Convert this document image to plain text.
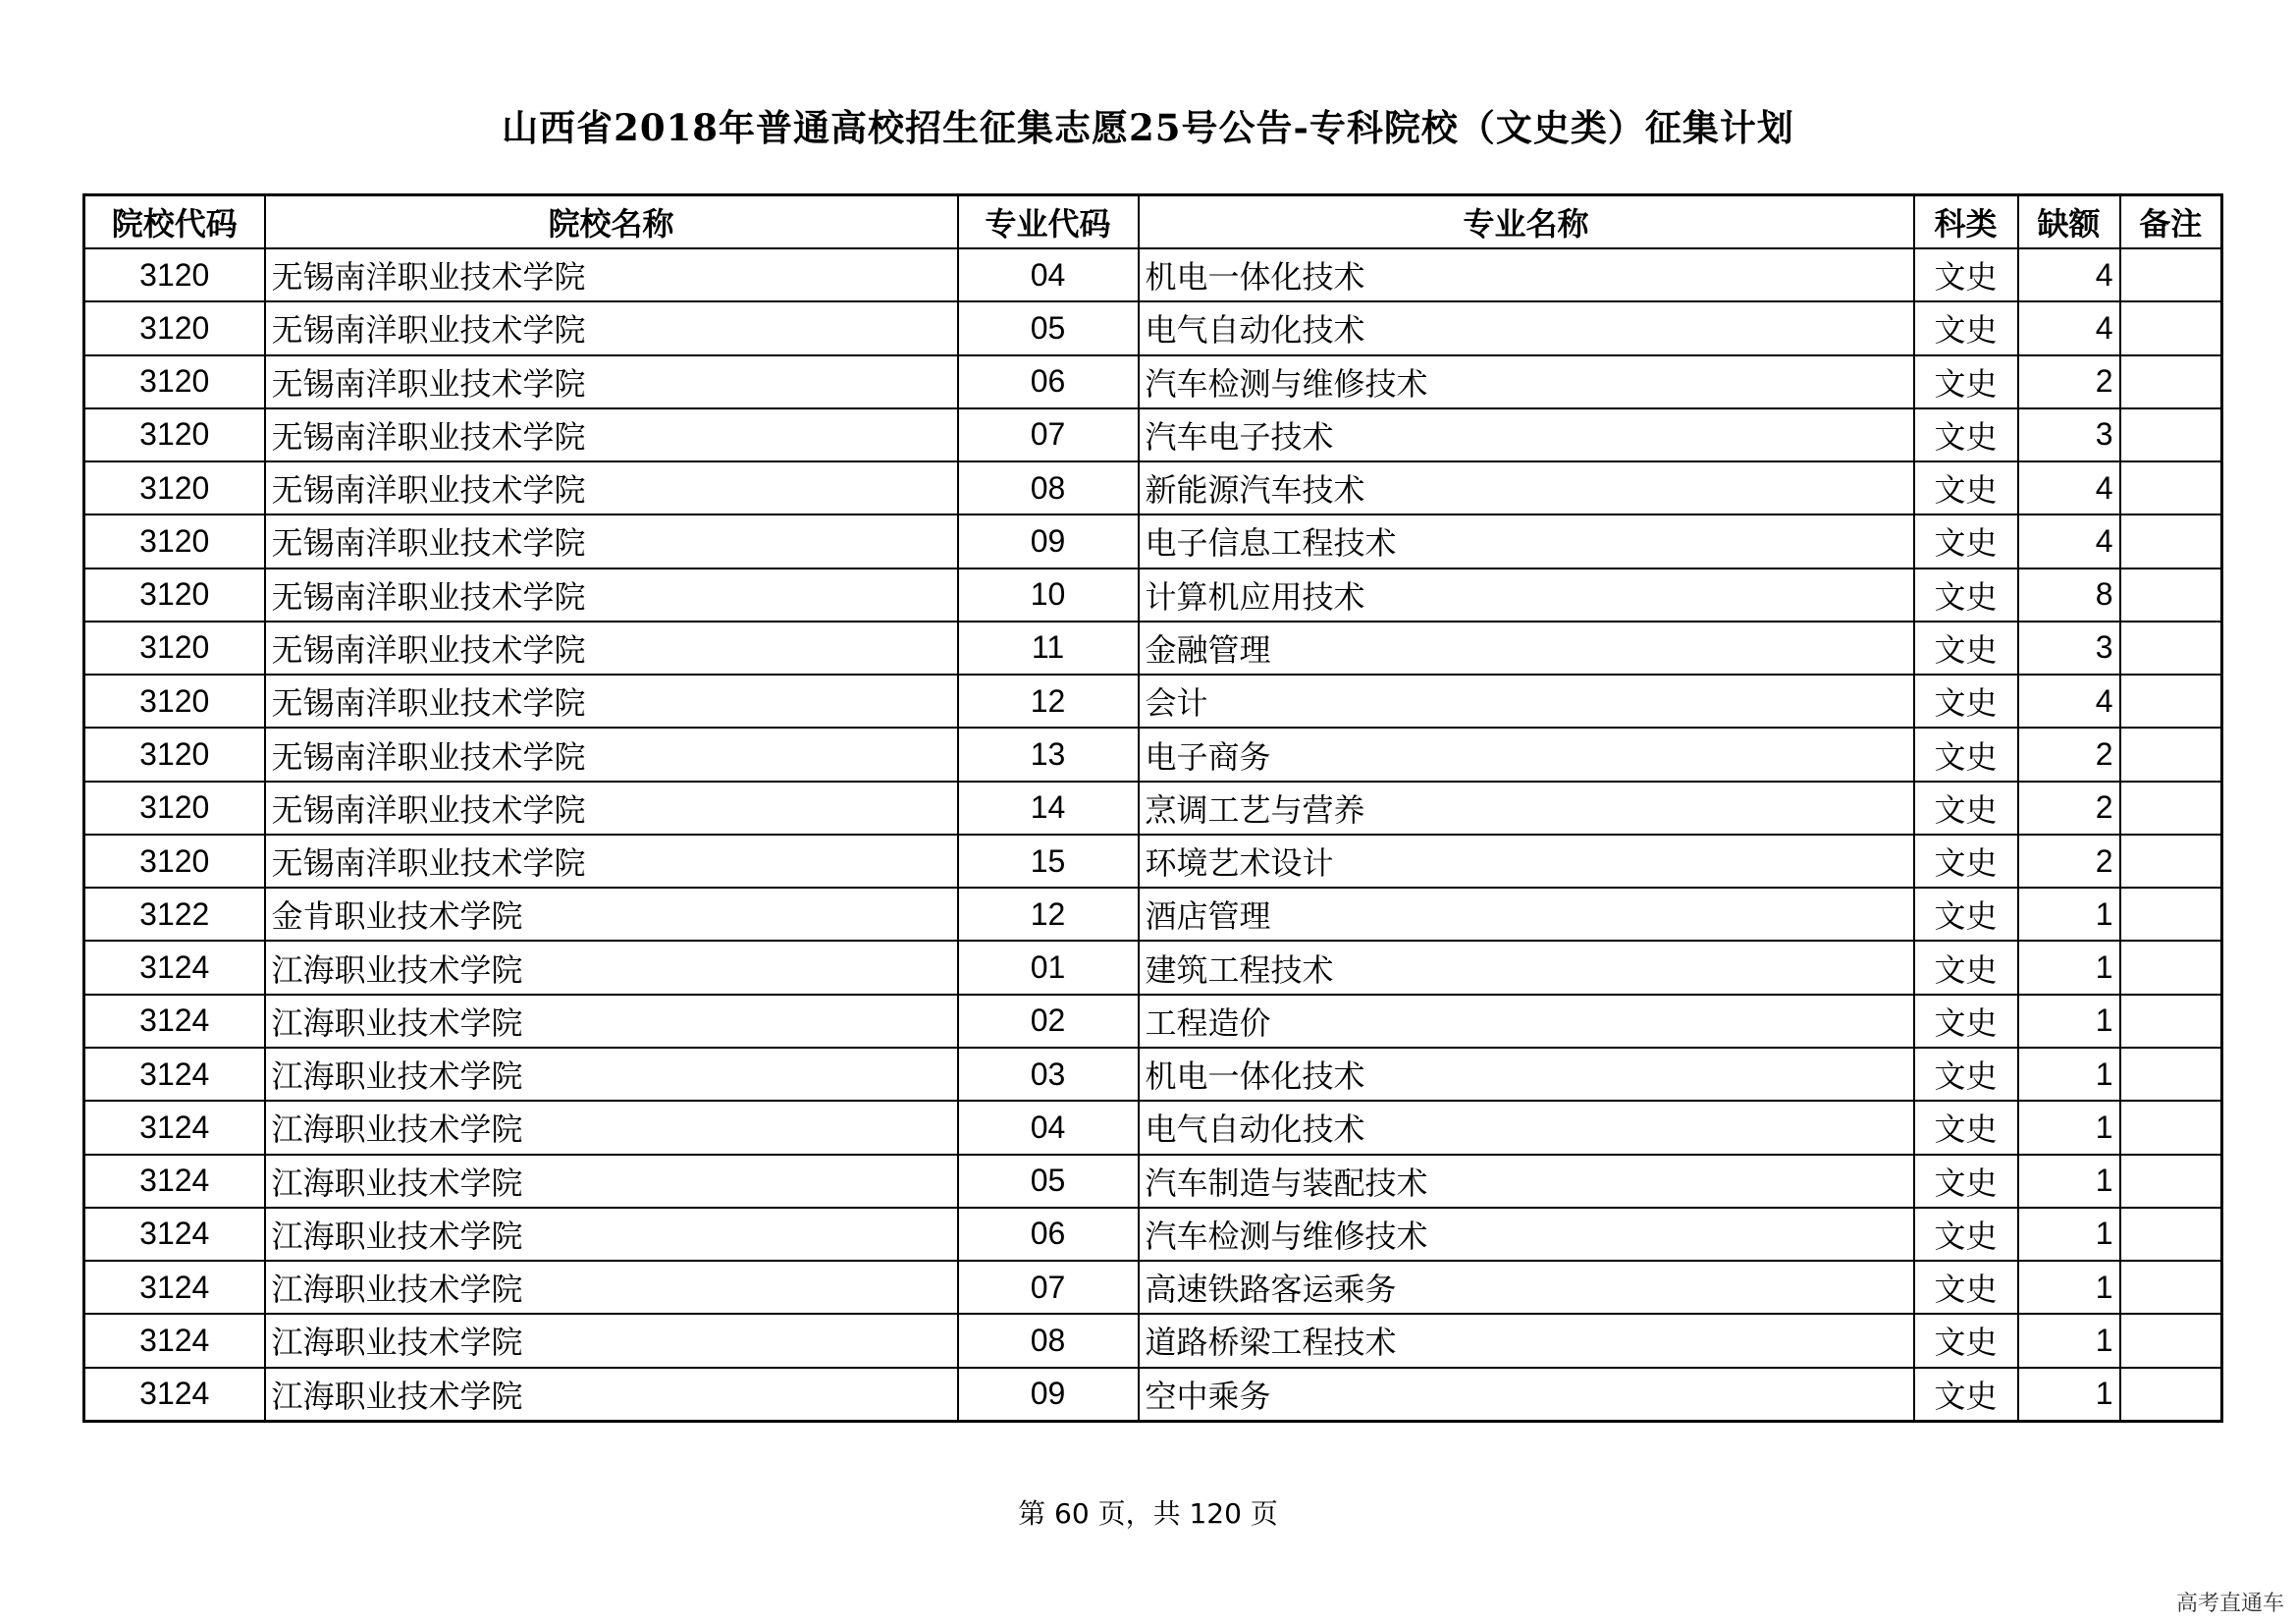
山西省2018年普通高校招生征集志愿25号公告-专科院校（文史类）征集计划
院校代码	院校名称	专业代码	专业名称	科类	缺额	备注
3120	无锡南洋职业技术学院	04	机电一体化技术	文史	4	
3120	无锡南洋职业技术学院	05	电气自动化技术	文史	4	
3120	无锡南洋职业技术学院	06	汽车检测与维修技术	文史	2	
3120	无锡南洋职业技术学院	07	汽车电子技术	文史	3	
3120	无锡南洋职业技术学院	08	新能源汽车技术	文史	4	
3120	无锡南洋职业技术学院	09	电子信息工程技术	文史	4	
3120	无锡南洋职业技术学院	10	计算机应用技术	文史	8	
3120	无锡南洋职业技术学院	11	金融管理	文史	3	
3120	无锡南洋职业技术学院	12	会计	文史	4	
3120	无锡南洋职业技术学院	13	电子商务	文史	2	
3120	无锡南洋职业技术学院	14	烹调工艺与营养	文史	2	
3120	无锡南洋职业技术学院	15	环境艺术设计	文史	2	
3122	金肯职业技术学院	12	酒店管理	文史	1	
3124	江海职业技术学院	01	建筑工程技术	文史	1	
3124	江海职业技术学院	02	工程造价	文史	1	
3124	江海职业技术学院	03	机电一体化技术	文史	1	
3124	江海职业技术学院	04	电气自动化技术	文史	1	
3124	江海职业技术学院	05	汽车制造与装配技术	文史	1	
3124	江海职业技术学院	06	汽车检测与维修技术	文史	1	
3124	江海职业技术学院	07	高速铁路客运乘务	文史	1	
3124	江海职业技术学院	08	道路桥梁工程技术	文史	1	
3124	江海职业技术学院	09	空中乘务	文史	1	
第 60 页，共 120 页
高考直通车
